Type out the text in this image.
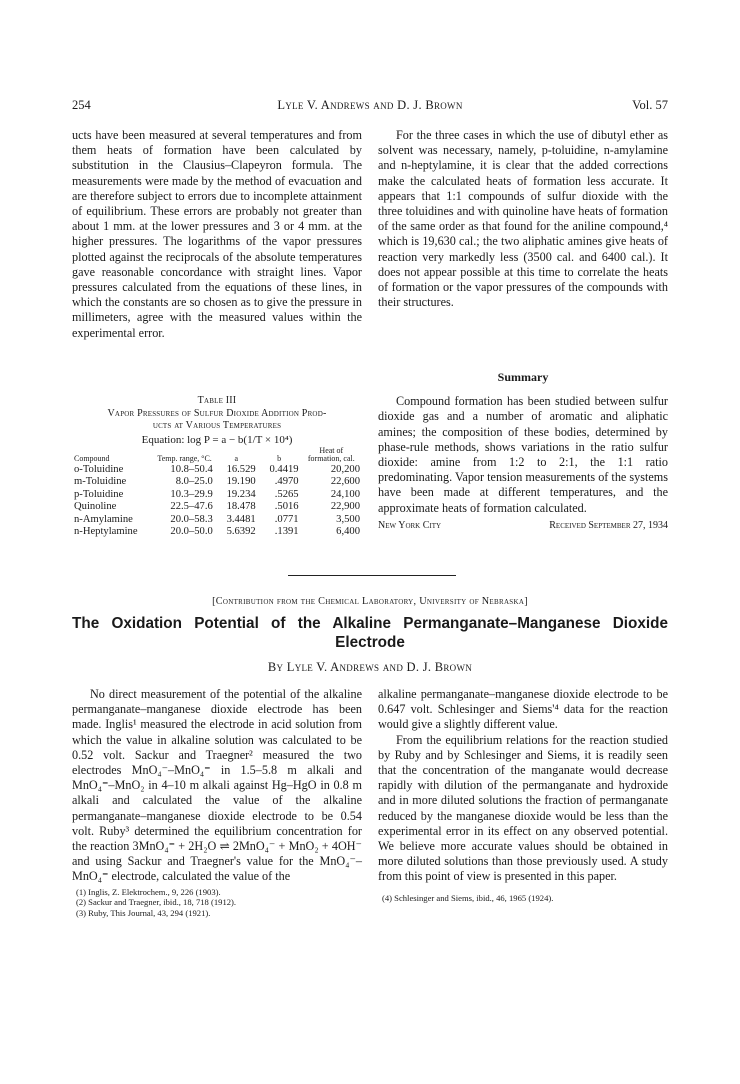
254	Lyle V. Andrews and D. J. Brown	Vol. 57

ucts have been measured at several temperatures and from them heats of formation have been calculated by substitution in the Clausius–Clapeyron formula. The measurements were made by the method of evacuation and are therefore subject to errors due to incomplete attainment of equilibrium. These errors are probably not greater than about 1 mm. at the lower pressures and 3 or 4 mm. at the higher pressures. The logarithms of the vapor pressures plotted against the reciprocals of the absolute temperatures gave reasonable concordance with straight lines. Vapor pressures calculated from the equations of these lines, in which the constants are so chosen as to give the pressure in millimeters, agree with the measured values within the experimental error.

Table III
Vapor Pressures of Sulfur Dioxide Addition Prod-
ucts at Various Temperatures
Equation: log P = a − b(1/T × 10⁴)
Compound	Temp. range, °C.	a	b	Heat of formation, cal.
o-Toluidine	10.8–50.4	16.529	0.4419	20,200
m-Toluidine	8.0–25.0	19.190	.4970	22,600
p-Toluidine	10.3–29.9	19.234	.5265	24,100
Quinoline	22.5–47.6	18.478	.5016	22,900
n-Amylamine	20.0–58.3	3.4481	.0771	3,500
n-Heptylamine	20.0–50.0	5.6392	.1391	6,400

For the three cases in which the use of dibutyl ether as solvent was necessary, namely, p-toluidine, n-amylamine and n-heptylamine, it is clear that the added corrections make the calculated heats of formation less accurate. It appears that 1:1 compounds of sulfur dioxide with the three toluidines and with quinoline have heats of formation of the same order as that found for the aniline compound,⁴ which is 19,630 cal.; the two aliphatic amines give heats of reaction very markedly less (3500 cal. and 6400 cal.). It does not appear possible at this time to correlate the heats of formation or the vapor pressures of the compounds with their structures.

Summary

Compound formation has been studied between sulfur dioxide gas and a number of aromatic and aliphatic amines; the composition of these bodies, determined by phase-rule methods, shows variations in the ratio sulfur dioxide: amine from 1:2 to 2:1, the 1:1 ratio predominating. Vapor tension measurements of the systems have been made at different temperatures, and the approximate heats of formation calculated.

New York City	Received September 27, 1934
[Contribution from the Chemical Laboratory, University of Nebraska]
The Oxidation Potential of the Alkaline Permanganate–Manganese Dioxide
Electrode
By Lyle V. Andrews and D. J. Brown

No direct measurement of the potential of the alkaline permanganate–manganese dioxide electrode has been made. Inglis¹ measured the electrode in acid solution from which the value in alkaline solution was calculated to be 0.52 volt. Sackur and Traegner² measured the two electrodes MnO₄⁻–MnO₄⁼ in 1.5–5.8 m alkali and MnO₄⁼–MnO₂ in 4–10 m alkali against Hg–HgO in 0.8 m alkali and calculated the value of the alkaline permanganate–manganese dioxide electrode to be 0.54 volt. Ruby³ determined the equilibrium concentration for the reaction 3MnO₄⁼ + 2H₂O ⇌ 2MnO₄⁻ + MnO₂ + 4OH⁻ and using Sackur and Traegner's value for the MnO₄⁻–MnO₄⁼ electrode, calculated the value of the

(1) Inglis, Z. Elektrochem., 9, 226 (1903).

(2) Sackur and Traegner, ibid., 18, 718 (1912).

(3) Ruby, This Journal, 43, 294 (1921).

alkaline permanganate–manganese dioxide electrode to be 0.647 volt. Schlesinger and Siems'⁴ data for the reaction would give a slightly different value.

From the equilibrium relations for the reaction studied by Ruby and by Schlesinger and Siems, it is readily seen that the concentration of the manganate would decrease rapidly with dilution of the permanganate and hydroxide and in more diluted solutions the fraction of permanganate reduced by the manganese dioxide would be less than the experimental error in its effect on any observed potential. We believe more accurate values should be obtained in more diluted solutions than those previously used. A study from this point of view is presented in this paper.

(4) Schlesinger and Siems, ibid., 46, 1965 (1924).
